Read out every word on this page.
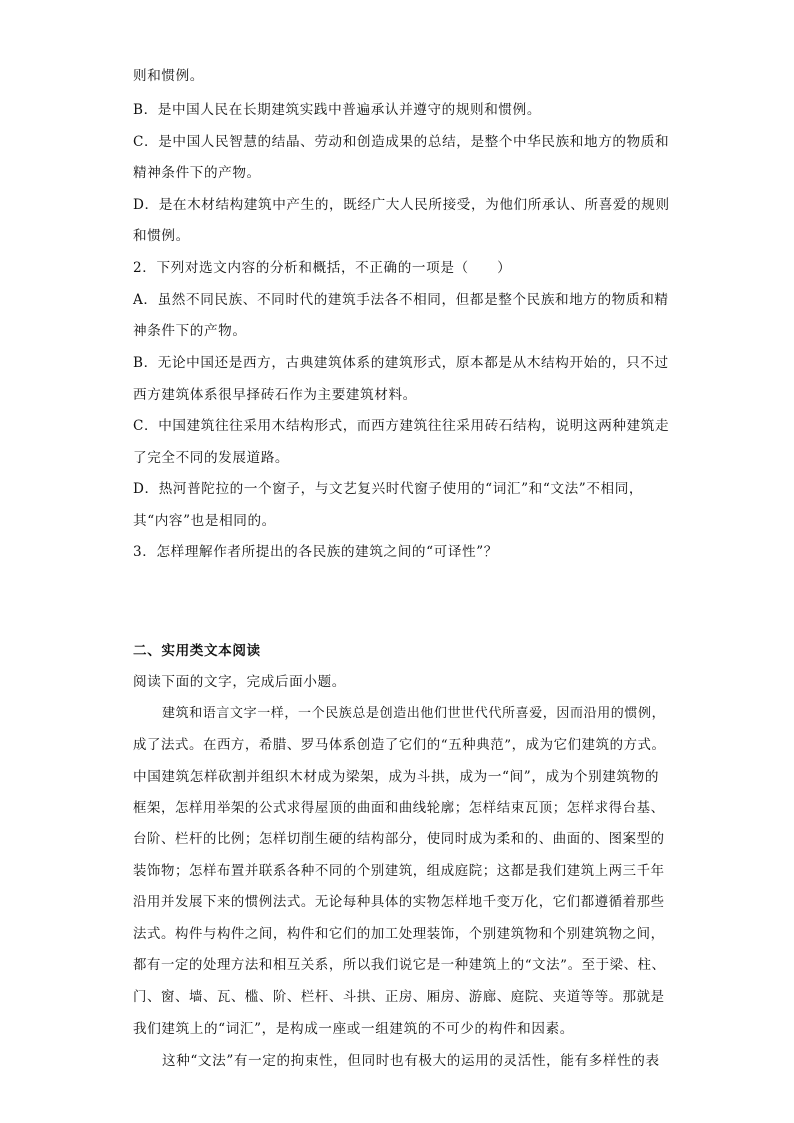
则和惯例。
B．是中国人民在长期建筑实践中普遍承认并遵守的规则和惯例。
C．是中国人民智慧的结晶、劳动和创造成果的总结，是整个中华民族和地方的物质和
精神条件下的产物。
D．是在木材结构建筑中产生的，既经广大人民所接受，为他们所承认、所喜爱的规则
和惯例。
2．下列对选文内容的分析和概括，不正确的一项是（　　）
A．虽然不同民族、不同时代的建筑手法各不相同，但都是整个民族和地方的物质和精
神条件下的产物。
B．无论中国还是西方，古典建筑体系的建筑形式，原本都是从木结构开始的，只不过
西方建筑体系很早择砖石作为主要建筑材料。
C．中国建筑往往采用木结构形式，而西方建筑往往采用砖石结构，说明这两种建筑走
了完全不同的发展道路。
D．热河普陀拉的一个窗子，与文艺复兴时代窗子使用的“词汇”和“文法”不相同，
其“内容”也是相同的。
3．怎样理解作者所提出的各民族的建筑之间的“可译性”？
二、实用类文本阅读
阅读下面的文字，完成后面小题。
建筑和语言文字一样，一个民族总是创造出他们世世代代所喜爱，因而沿用的惯例，
成了法式。在西方，希腊、罗马体系创造了它们的“五种典范”，成为它们建筑的方式。
中国建筑怎样砍割并组织木材成为梁架，成为斗拱，成为一“间”，成为个别建筑物的
框架，怎样用举架的公式求得屋顶的曲面和曲线轮廓；怎样结束瓦顶；怎样求得台基、
台阶、栏杆的比例；怎样切削生硬的结构部分，使同时成为柔和的、曲面的、图案型的
装饰物；怎样布置并联系各种不同的个别建筑，组成庭院；这都是我们建筑上两三千年
沿用并发展下来的惯例法式。无论每种具体的实物怎样地千变万化，它们都遵循着那些
法式。构件与构件之间，构件和它们的加工处理装饰，个别建筑物和个别建筑物之间，
都有一定的处理方法和相互关系，所以我们说它是一种建筑上的“文法”。至于梁、柱、
门、窗、墙、瓦、槛、阶、栏杆、斗拱、正房、厢房、游廊、庭院、夹道等等。那就是
我们建筑上的“词汇”，是构成一座或一组建筑的不可少的构件和因素。
这种“文法”有一定的拘束性，但同时也有极大的运用的灵活性，能有多样性的表
